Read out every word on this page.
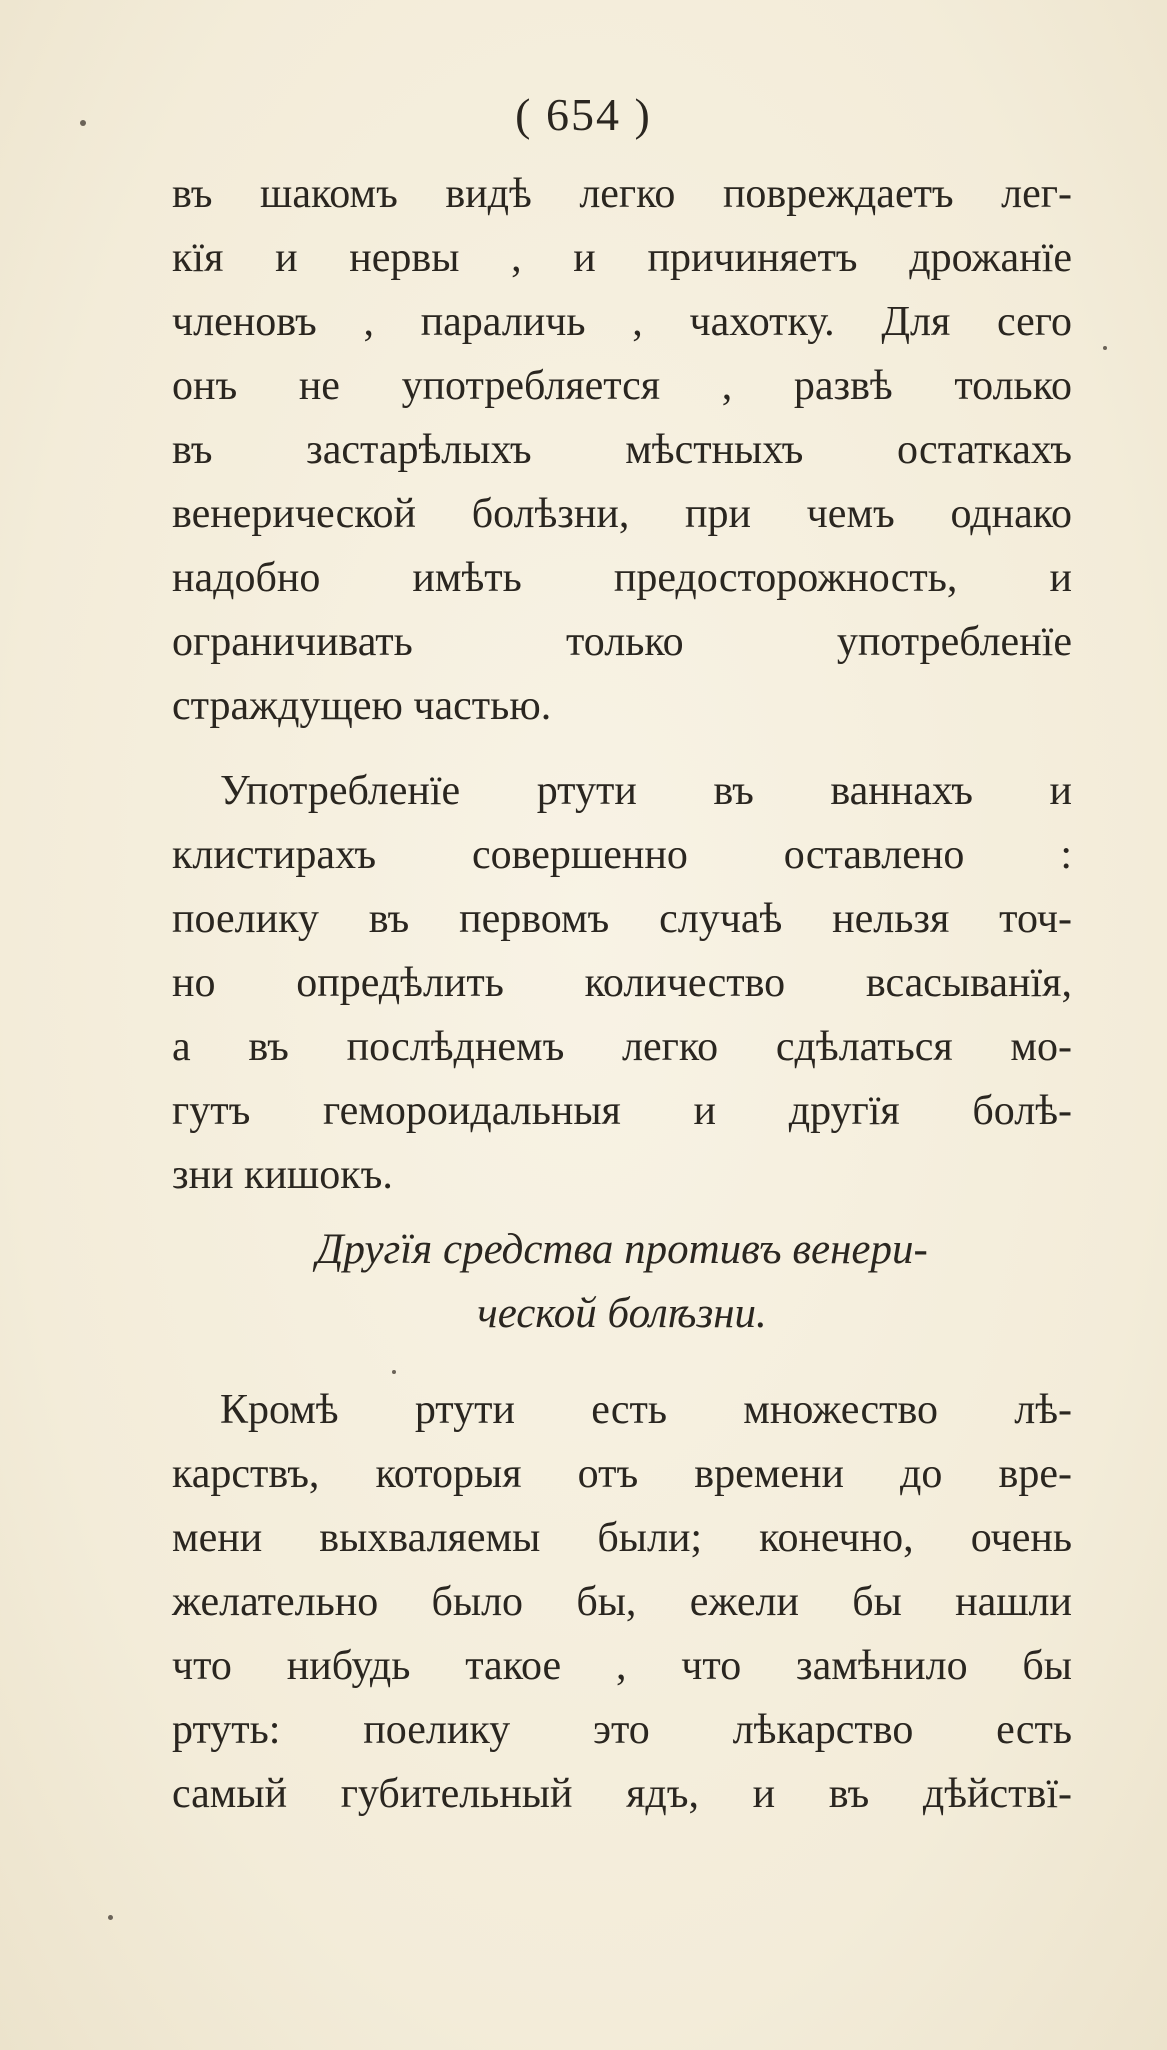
( 654 )
въ шакомъ видѣ легко повреждаетъ лег-
кїя и нервы , и причиняетъ дрожанїе
членовъ , параличь , чахотку. Для сего
онъ не употребляется , развѣ только
въ застарѣлыхъ мѣстныхъ остаткахъ
венерической болѣзни, при чемъ однако
надобно имѣть предосторожность, и
ограничивать только употребленїе
страждущею частью.
Употребленїе ртути въ ваннахъ и
клистирахъ совершенно оставлено :
поелику въ первомъ случаѣ нельзя точ-
но опредѣлить количество всасыванїя,
а въ послѣднемъ легко сдѣлаться мо-
гутъ гемороидальныя и другїя болѣ-
зни кишокъ.
Другїя средства противъ венери-
ческой болѣзни.
Кромѣ ртути есть множество лѣ-
карствъ, которыя отъ времени до вре-
мени выхваляемы были; конечно, очень
желательно было бы, ежели бы нашли
что нибудь такое , что замѣнило бы
ртуть: поелику это лѣкарство есть
самый губительный ядъ, и въ дѣйствї-
